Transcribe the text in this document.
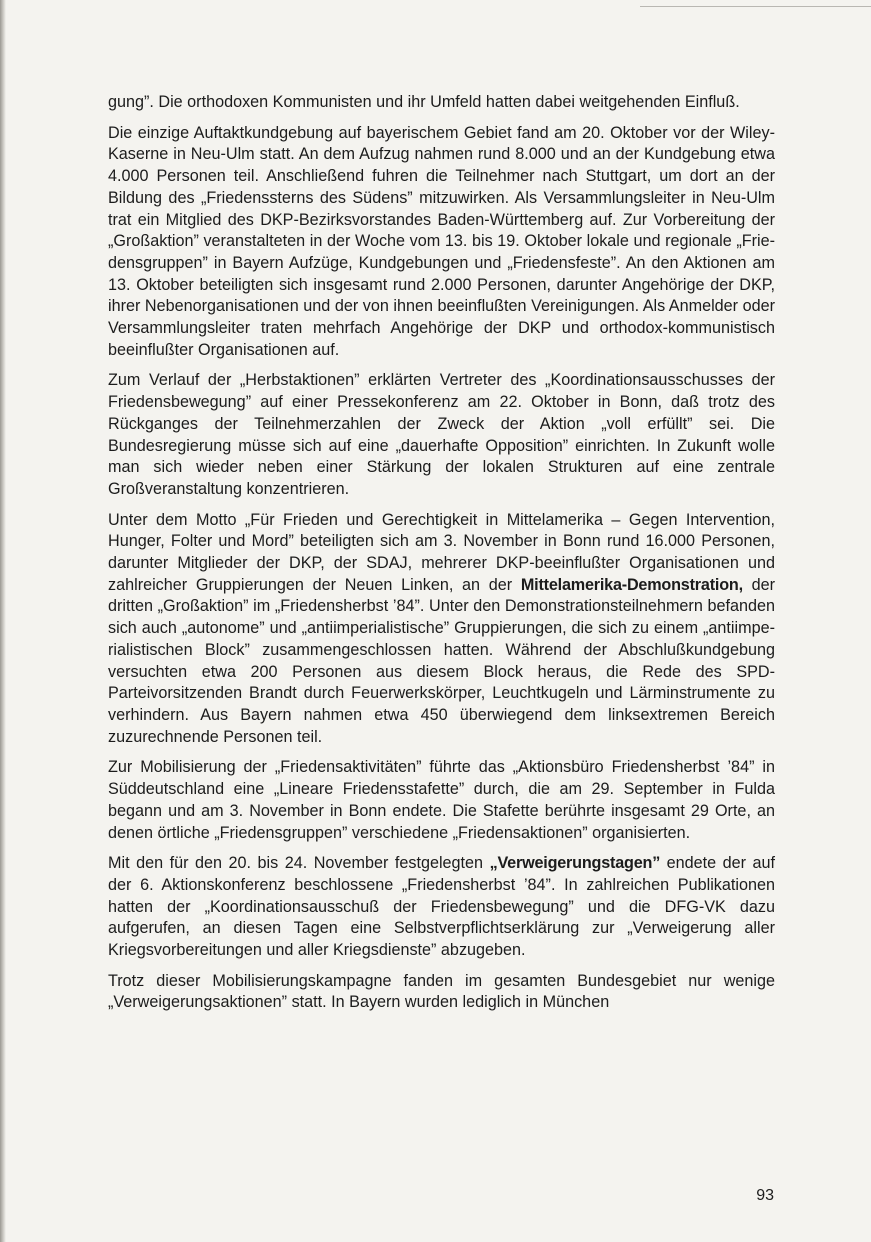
gung”. Die orthodoxen Kommunisten und ihr Umfeld hatten dabei weitgehenden Einfluß.

Die einzige Auftaktkundgebung auf bayerischem Gebiet fand am 20. Oktober vor der Wiley-Kaserne in Neu-Ulm statt. An dem Aufzug nahmen rund 8.000 und an der Kundgebung etwa 4.000 Personen teil. Anschließend fuhren die Teilnehmer nach Stuttgart, um dort an der Bildung des „Friedenssterns des Südens” mitzuwirken. Als Versammlungsleiter in Neu-Ulm trat ein Mitglied des DKP-Bezirksvorstandes Baden-Württemberg auf. Zur Vorbereitung der „Großaktion” veranstalteten in der Woche vom 13. bis 19. Oktober lokale und regionale „Friedensgruppen” in Bayern Aufzüge, Kundgebungen und „Friedensfeste”. An den Aktionen am 13. Oktober beteiligten sich insgesamt rund 2.000 Personen, darunter Angehörige der DKP, ihrer Nebenorganisationen und der von ihnen beeinflußten Vereinigungen. Als Anmelder oder Versammlungsleiter traten mehrfach Angehörige der DKP und orthodox-kommunistisch beeinflußter Organisationen auf.

Zum Verlauf der „Herbstaktionen” erklärten Vertreter des „Koordinationsausschusses der Friedensbewegung” auf einer Pressekonferenz am 22. Oktober in Bonn, daß trotz des Rückganges der Teilnehmerzahlen der Zweck der Aktion „voll erfüllt” sei. Die Bundesregierung müsse sich auf eine „dauerhafte Opposition” einrichten. In Zukunft wolle man sich wieder neben einer Stärkung der lokalen Strukturen auf eine zentrale Großveranstaltung konzentrieren.

Unter dem Motto „Für Frieden und Gerechtigkeit in Mittelamerika – Gegen Intervention, Hunger, Folter und Mord” beteiligten sich am 3. November in Bonn rund 16.000 Personen, darunter Mitglieder der DKP, der SDAJ, mehrerer DKP-beeinflußter Organisationen und zahlreicher Gruppierungen der Neuen Linken, an der Mittelamerika-Demonstration, der dritten „Großaktion” im „Friedensherbst ’84”. Unter den Demonstrationsteilnehmern befanden sich auch „autonome” und „antiimperialistische” Gruppierungen, die sich zu einem „antiimperialistischen Block” zusammengeschlossen hatten. Während der Abschlußkundgebung versuchten etwa 200 Personen aus diesem Block heraus, die Rede des SPD-Parteivorsitzenden Brandt durch Feuerwerkskörper, Leuchtkugeln und Lärminstrumente zu verhindern. Aus Bayern nahmen etwa 450 überwiegend dem linksextremen Bereich zuzurechnende Personen teil.

Zur Mobilisierung der „Friedensaktivitäten” führte das „Aktionsbüro Friedensherbst ’84” in Süddeutschland eine „Lineare Friedensstafette” durch, die am 29. September in Fulda begann und am 3. November in Bonn endete. Die Stafette berührte insgesamt 29 Orte, an denen örtliche „Friedensgruppen” verschiedene „Friedensaktionen” organisierten.

Mit den für den 20. bis 24. November festgelegten „Verweigerungstagen” endete der auf der 6. Aktionskonferenz beschlossene „Friedensherbst ’84”. In zahlreichen Publikationen hatten der „Koordinationsausschuß der Friedensbewegung” und die DFG-VK dazu aufgerufen, an diesen Tagen eine Selbstverpflichtserklärung zur „Verweigerung aller Kriegsvorbereitungen und aller Kriegsdienste” abzugeben.

Trotz dieser Mobilisierungskampagne fanden im gesamten Bundesgebiet nur wenige „Verweigerungsaktionen” statt. In Bayern wurden lediglich in München

93
